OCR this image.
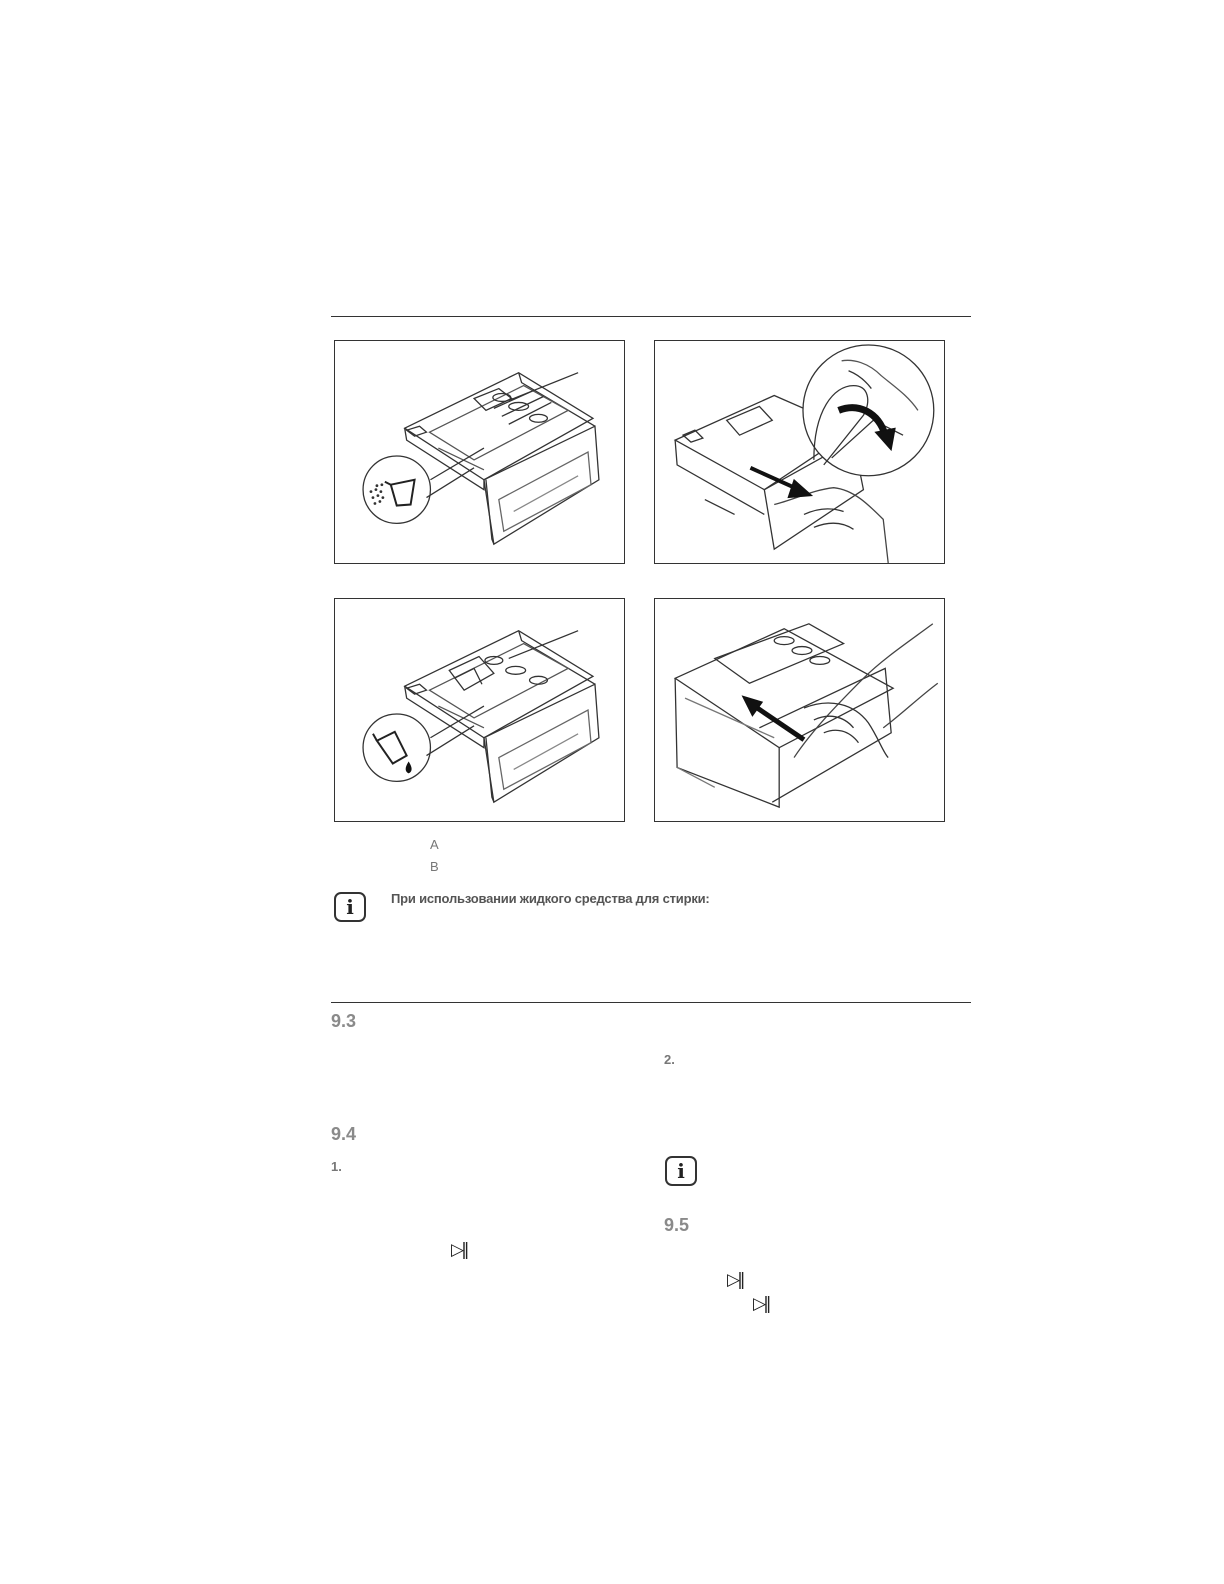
A
B
i	При использовании жидкого средства для стирки:
9.3
9.4
1.
▷||
2.
i
9.5
▷||
▷||
